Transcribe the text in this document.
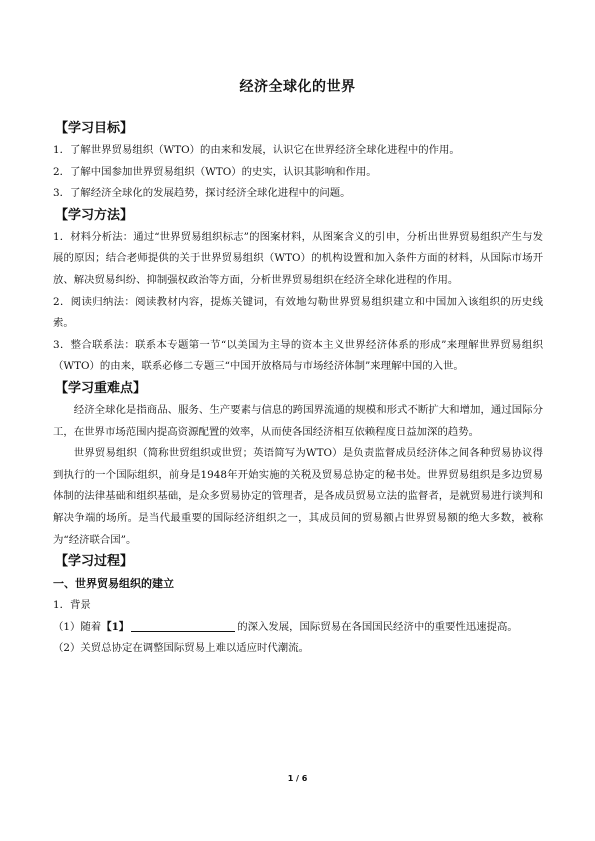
经济全球化的世界

【学习目标】

1．了解世界贸易组织（WTO）的由来和发展，认识它在世界经济全球化进程中的作用。

2．了解中国参加世界贸易组织（WTO）的史实，认识其影响和作用。

3．了解经济全球化的发展趋势，探讨经济全球化进程中的问题。

【学习方法】

1．材料分析法：通过“世界贸易组织标志”的图案材料，从图案含义的引申，分析出世界贸易组织产生与发展的原因；结合老师提供的关于世界贸易组织（WTO）的机构设置和加入条件方面的材料，从国际市场开放、解决贸易纠纷、抑制强权政治等方面，分析世界贸易组织在经济全球化进程的作用。

2．阅读归纳法：阅读教材内容，提炼关键词，有效地勾勒世界贸易组织建立和中国加入该组织的历史线索。

3．整合联系法：联系本专题第一节“以美国为主导的资本主义世界经济体系的形成”来理解世界贸易组织（WTO）的由来，联系必修二专题三“中国开放格局与市场经济体制”来理解中国的入世。

【学习重难点】

经济全球化是指商品、服务、生产要素与信息的跨国界流通的规模和形式不断扩大和增加，通过国际分工，在世界市场范围内提高资源配置的效率，从而使各国经济相互依赖程度日益加深的趋势。

世界贸易组织（简称世贸组织或世贸；英语简写为WTO）是负责监督成员经济体之间各种贸易协议得到执行的一个国际组织，前身是1948年开始实施的关税及贸易总协定的秘书处。世界贸易组织是多边贸易体制的法律基础和组织基础，是众多贸易协定的管理者，是各成员贸易立法的监督者，是就贸易进行谈判和解决争端的场所。是当代最重要的国际经济组织之一，其成员间的贸易额占世界贸易额的绝大多数，被称为“经济联合国”。

【学习过程】

一、世界贸易组织的建立

1．背景

（1）随着【1】	的深入发展，国际贸易在各国国民经济中的重要性迅速提高。

（2）关贸总协定在调整国际贸易上难以适应时代潮流。

1 / 6
